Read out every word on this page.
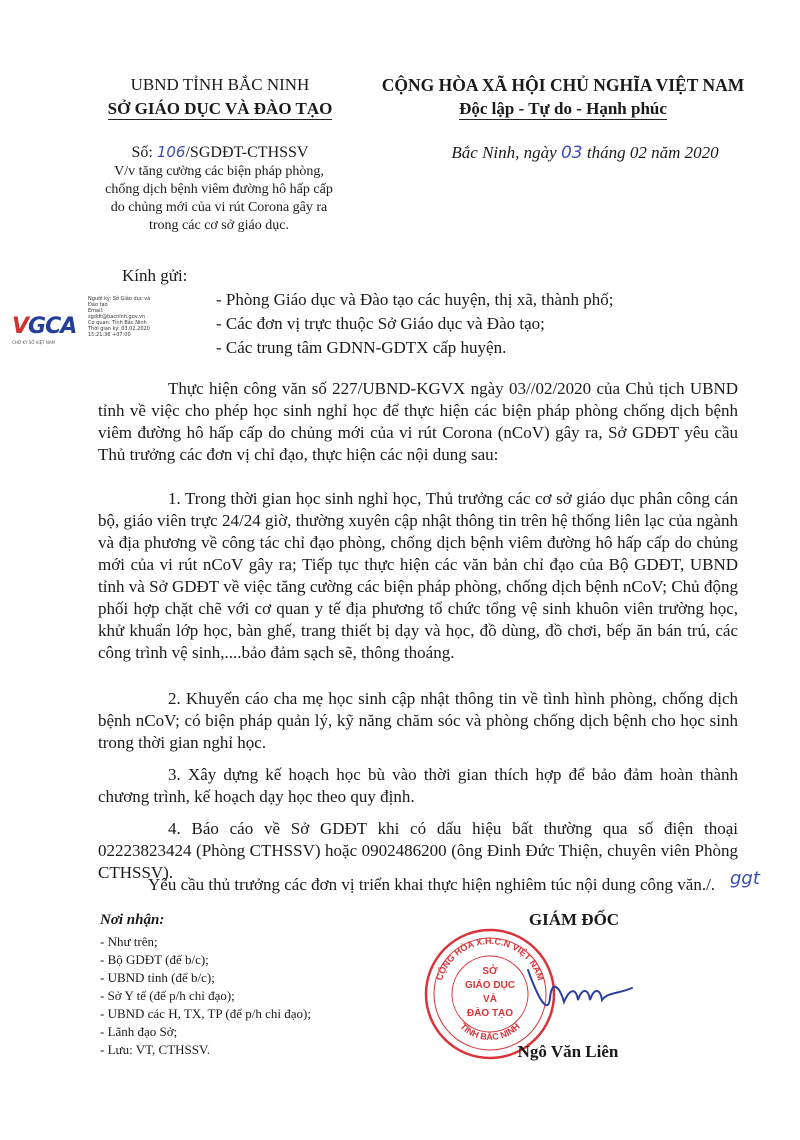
UBND TỈNH BẮC NINH
SỞ GIÁO DỤC VÀ ĐÀO TẠO
CỘNG HÒA XÃ HỘI CHỦ NGHĨA VIỆT NAM
Độc lập - Tự do - Hạnh phúc
Số: 106/SGDĐT-CTHSSV
V/v tăng cường các biện pháp phòng,
chống dịch bệnh viêm đường hô hấp cấp
do chủng mới của vi rút Corona gây ra
trong các cơ sở giáo dục.
Bắc Ninh, ngày 03 tháng 02 năm 2020
Kính gửi:
- Phòng Giáo dục và Đào tạo các huyện, thị xã, thành phố;
- Các đơn vị trực thuộc Sở Giáo dục và Đào tạo;
- Các trung tâm GDNN-GDTX cấp huyện.
VGCA
CHỮ KÝ SỐ VIỆT NAM
Người ký: Sở Giáo dục và
Đào tạo
Email:
sgddt@bacninh.gov.vn
Cơ quan: Tỉnh Bắc Ninh
Thời gian ký: 03.02.2020
15:21:36 +07:00
Thực hiện công văn số 227/UBND-KGVX ngày 03//02/2020 của Chủ tịch UBND tỉnh về việc cho phép học sinh nghỉ học để thực hiện các biện pháp phòng chống dịch bệnh viêm đường hô hấp cấp do chủng mới của vi rút Corona (nCoV) gây ra, Sở GDĐT yêu cầu Thủ trưởng các đơn vị chỉ đạo, thực hiện các nội dung sau:
1. Trong thời gian học sinh nghỉ học, Thủ trưởng các cơ sở giáo dục phân công cán bộ, giáo viên trực 24/24 giờ, thường xuyên cập nhật thông tin trên hệ thống liên lạc của ngành và địa phương về công tác chỉ đạo phòng, chống dịch bệnh viêm đường hô hấp cấp do chủng mới của vi rút nCoV gây ra; Tiếp tục thực hiện các văn bản chỉ đạo của Bộ GDĐT, UBND tỉnh và Sở GDĐT về việc tăng cường các biện pháp phòng, chống dịch bệnh nCoV; Chủ động phối hợp chặt chẽ với cơ quan y tế địa phương tổ chức tổng vệ sinh khuôn viên trường học, khử khuẩn lớp học, bàn ghế, trang thiết bị dạy và học, đồ dùng, đồ chơi, bếp ăn bán trú, các công trình vệ sinh,....bảo đảm sạch sẽ, thông thoáng.
2. Khuyến cáo cha mẹ học sinh cập nhật thông tin về tình hình phòng, chống dịch bệnh nCoV; có biện pháp quản lý, kỹ năng chăm sóc và phòng chống dịch bệnh cho học sinh trong thời gian nghỉ học.
3. Xây dựng kế hoạch học bù vào thời gian thích hợp để bảo đảm hoàn thành chương trình, kế hoạch dạy học theo quy định.
4. Báo cáo về Sở GDĐT khi có dấu hiệu bất thường qua số điện thoại 02223823424 (Phòng CTHSSV) hoặc 0902486200 (ông Đinh Đức Thiện, chuyên viên Phòng CTHSSV).
Yêu cầu thủ trưởng các đơn vị triển khai thực hiện nghiêm túc nội dung công văn./. ggt
Nơi nhận:
- Như trên;
- Bộ GDĐT (để b/c);
- UBND tỉnh (để b/c);
- Sở Y tế (để p/h chỉ đạo);
- UBND các H, TX, TP (để p/h chỉ đạo);
- Lãnh đạo Sở;
- Lưu: VT, CTHSSV.
GIÁM ĐỐC
CỘNG HÒA X.H.C.N VIỆT NAM
TỈNH BẮC NINH
SỞ
GIÁO DỤC
VÀ
ĐÀO TẠO
Ngô Văn Liên
